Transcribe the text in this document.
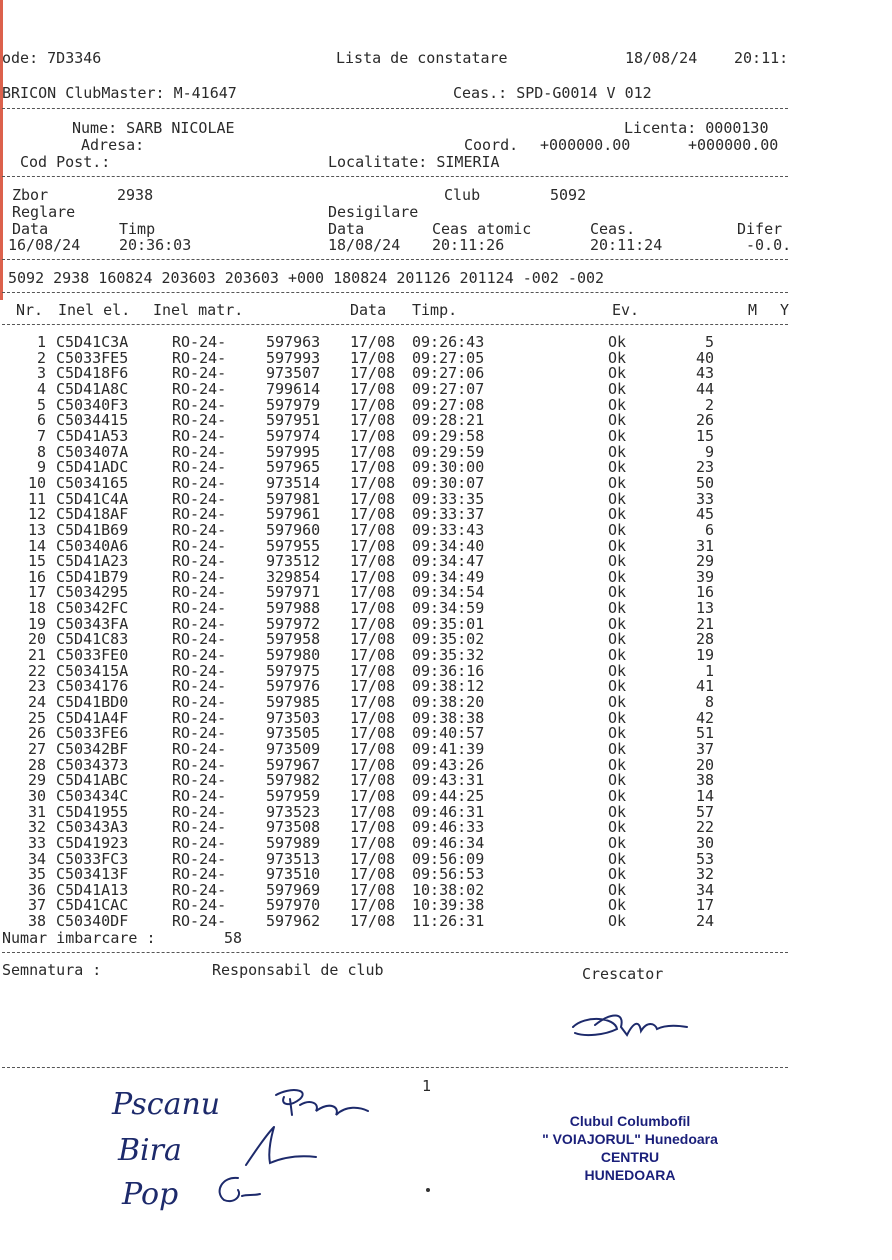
ode: 7D3346	Lista de constatare	18/08/24 20:11:
BRICON ClubMaster: M-41647	Ceas.: SPD-G0014 V 012
Nume: SARB NICOLAE	Licenta: 0000130
Adresa:	Coord. +000000.00	+000000.00
Cod Post.:	Localitate: SIMERIA
Zbor	2938	Club	5092
Reglare	Desigilare
Data	Timp	Data	Ceas atomic	Ceas.	Difer
16/08/24	20:36:03	18/08/24 20:11:26	20:11:24	-0.0.
5092 2938 160824 203603 203603 +000 180824 201126 201124 -002 -002
Nr. Inel el. Inel matr.	Data Timp.	Ev.	M Y
1 C5D41C3A	RO-24-	597963 17/08 09:26:43	Ok	5
2 C5033FE5	RO-24-	597993 17/08 09:27:05	Ok	40
3 C5D418F6	RO-24-	973507 17/08 09:27:06	Ok	43
4 C5D41A8C	RO-24-	799614 17/08 09:27:07	Ok	44
5 C50340F3	RO-24-	597979 17/08 09:27:08	Ok	2
6 C5034415	RO-24-	597951 17/08 09:28:21	Ok	26
7 C5D41A53	RO-24-	597974 17/08 09:29:58	Ok	15
8 C503407A	RO-24-	597995 17/08 09:29:59	Ok	9
9 C5D41ADC	RO-24-	597965 17/08 09:30:00	Ok	23
10 C5034165	RO-24-	973514 17/08 09:30:07	Ok	50
11 C5D41C4A	RO-24-	597981 17/08 09:33:35	Ok	33
12 C5D418AF	RO-24-	597961 17/08 09:33:37	Ok	45
13 C5D41B69	RO-24-	597960 17/08 09:33:43	Ok	6
14 C50340A6	RO-24-	597955 17/08 09:34:40	Ok	31
15 C5D41A23	RO-24-	973512 17/08 09:34:47	Ok	29
16 C5D41B79	RO-24-	329854 17/08 09:34:49	Ok	39
17 C5034295	RO-24-	597971 17/08 09:34:54	Ok	16
18 C50342FC	RO-24-	597988 17/08 09:34:59	Ok	13
19 C50343FA	RO-24-	597972 17/08 09:35:01	Ok	21
20 C5D41C83	RO-24-	597958 17/08 09:35:02	Ok	28
21 C5033FE0	RO-24-	597980 17/08 09:35:32	Ok	19
22 C503415A	RO-24-	597975 17/08 09:36:16	Ok	1
23 C5034176	RO-24-	597976 17/08 09:38:12	Ok	41
24 C5D41BD0	RO-24-	597985 17/08 09:38:20	Ok	8
25 C5D41A4F	RO-24-	973503 17/08 09:38:38	Ok	42
26 C5033FE6	RO-24-	973505 17/08 09:40:57	Ok	51
27 C50342BF	RO-24-	973509 17/08 09:41:39	Ok	37
28 C5034373	RO-24-	597967 17/08 09:43:26	Ok	20
29 C5D41ABC	RO-24-	597982 17/08 09:43:31	Ok	38
30 C503434C	RO-24-	597959 17/08 09:44:25	Ok	14
31 C5D41955	RO-24-	973523 17/08 09:46:31	Ok	57
32 C50343A3	RO-24-	973508 17/08 09:46:33	Ok	22
33 C5D41923	RO-24-	597989 17/08 09:46:34	Ok	30
34 C5033FC3	RO-24-	973513 17/08 09:56:09	Ok	53
35 C503413F	RO-24-	973510 17/08 09:56:53	Ok	32
36 C5D41A13	RO-24-	597969 17/08 10:38:02	Ok	34
37 C5D41CAC	RO-24-	597970 17/08 10:39:38	Ok	17
38 C50340DF	RO-24-	597962 17/08 11:26:31	Ok	24
Numar imbarcare :	58
Semnatura :	Responsabil de club	Crescator
1
Pscanu
Bira
Pop
Clubul Columbofil
" VOIAJORUL" Hunedoara
CENTRU
HUNEDOARA
